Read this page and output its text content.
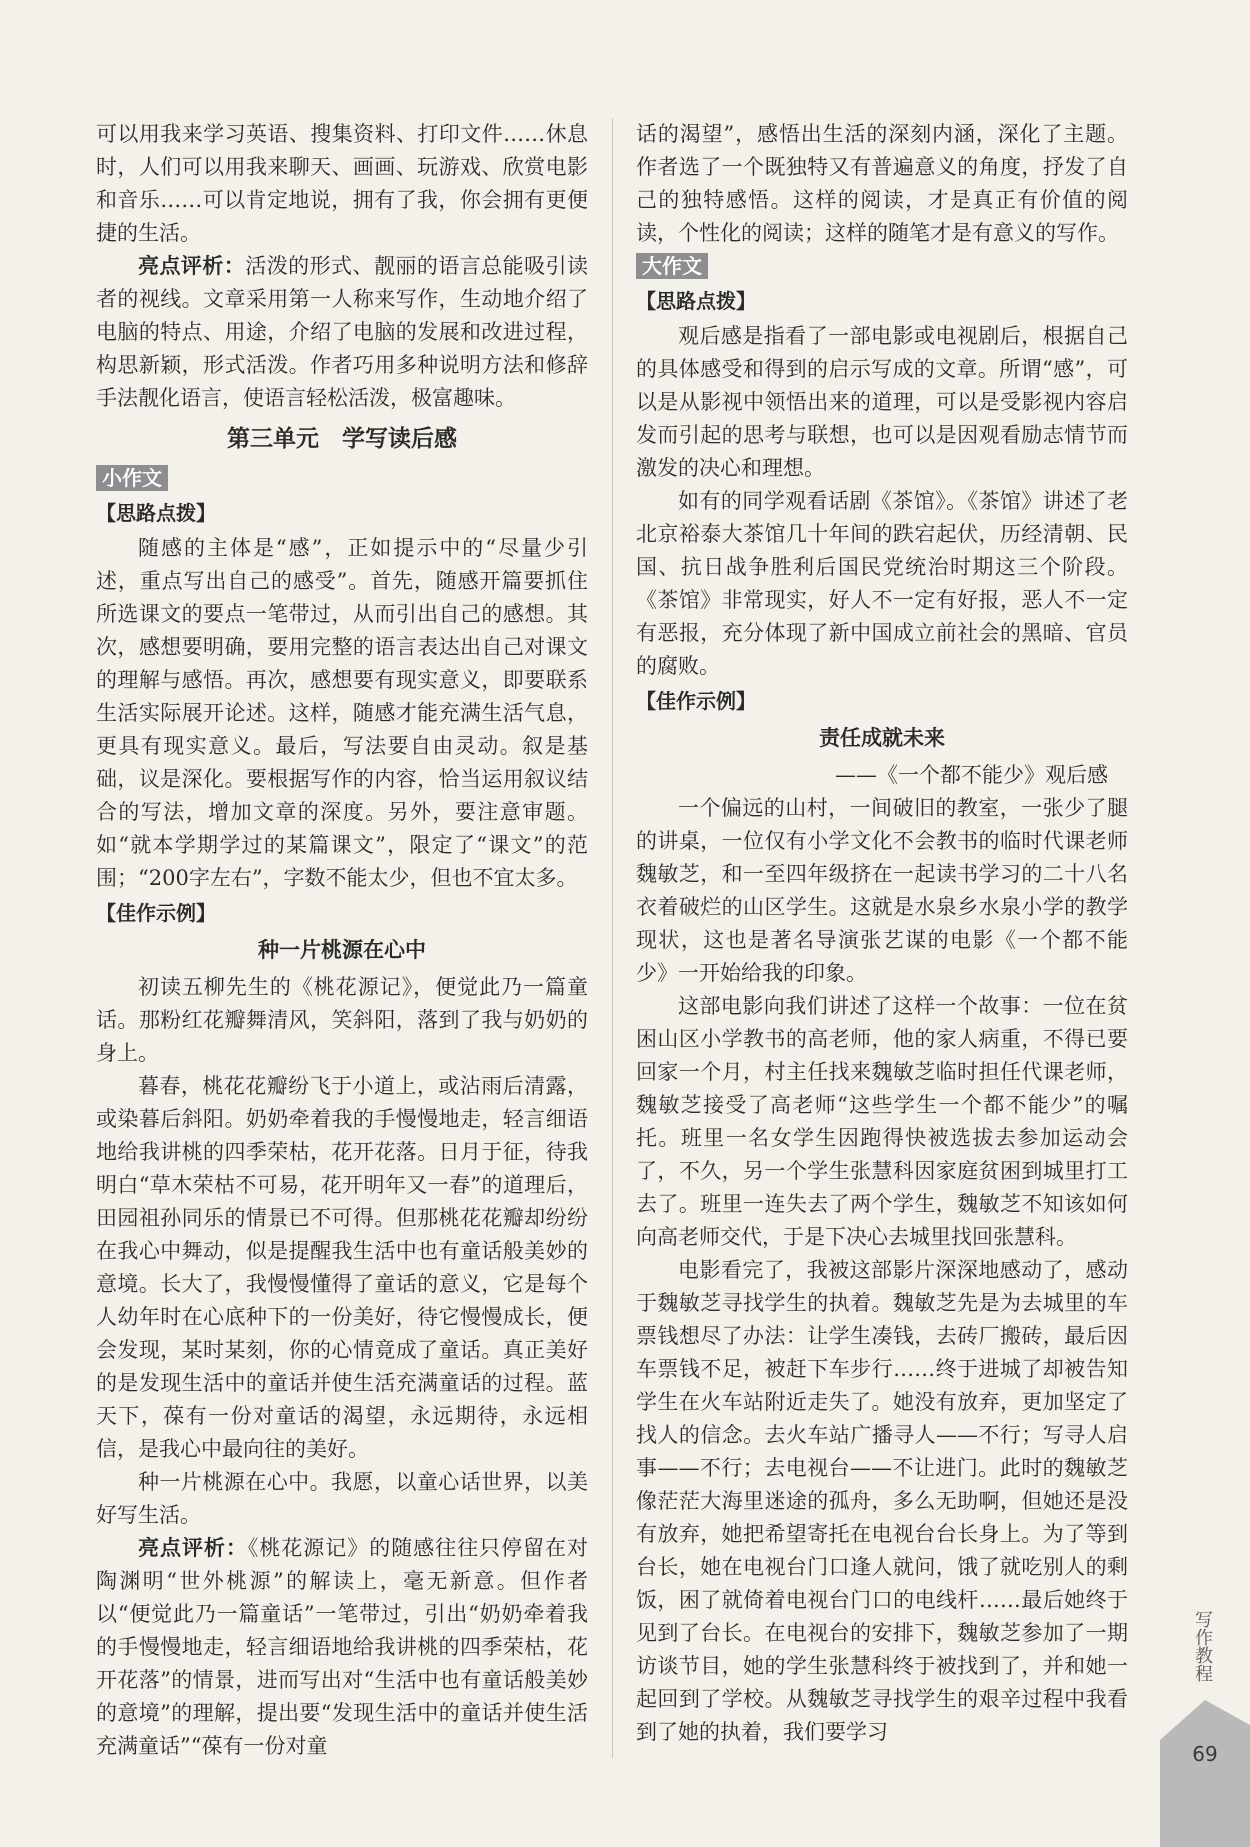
可以用我来学习英语、搜集资料、打印文件……休息时，人们可以用我来聊天、画画、玩游戏、欣赏电影和音乐……可以肯定地说，拥有了我，你会拥有更便捷的生活。

亮点评析：活泼的形式、靓丽的语言总能吸引读者的视线。文章采用第一人称来写作，生动地介绍了电脑的特点、用途，介绍了电脑的发展和改进过程，构思新颖，形式活泼。作者巧用多种说明方法和修辞手法靓化语言，使语言轻松活泼，极富趣味。

第三单元　学写读后感
小作文
【思路点拨】

随感的主体是“感”，正如提示中的“尽量少引述，重点写出自己的感受”。首先，随感开篇要抓住所选课文的要点一笔带过，从而引出自己的感想。其次，感想要明确，要用完整的语言表达出自己对课文的理解与感悟。再次，感想要有现实意义，即要联系生活实际展开论述。这样，随感才能充满生活气息，更具有现实意义。最后，写法要自由灵动。叙是基础，议是深化。要根据写作的内容，恰当运用叙议结合的写法，增加文章的深度。另外，要注意审题。如“就本学期学过的某篇课文”，限定了“课文”的范围；“200字左右”，字数不能太少，但也不宜太多。

【佳作示例】
种一片桃源在心中

初读五柳先生的《桃花源记》，便觉此乃一篇童话。那粉红花瓣舞清风，笑斜阳，落到了我与奶奶的身上。

暮春，桃花花瓣纷飞于小道上，或沾雨后清露，或染暮后斜阳。奶奶牵着我的手慢慢地走，轻言细语地给我讲桃的四季荣枯，花开花落。日月于征，待我明白“草木荣枯不可易，花开明年又一春”的道理后，田园祖孙同乐的情景已不可得。但那桃花花瓣却纷纷在我心中舞动，似是提醒我生活中也有童话般美妙的意境。长大了，我慢慢懂得了童话的意义，它是每个人幼年时在心底种下的一份美好，待它慢慢成长，便会发现，某时某刻，你的心情竟成了童话。真正美好的是发现生活中的童话并使生活充满童话的过程。蓝天下，葆有一份对童话的渴望，永远期待，永远相信，是我心中最向往的美好。

种一片桃源在心中。我愿，以童心话世界，以美好写生活。

亮点评析：《桃花源记》的随感往往只停留在对陶渊明“世外桃源”的解读上，毫无新意。但作者以“便觉此乃一篇童话”一笔带过，引出“奶奶牵着我的手慢慢地走，轻言细语地给我讲桃的四季荣枯，花开花落”的情景，进而写出对“生活中也有童话般美妙的意境”的理解，提出要“发现生活中的童话并使生活充满童话”“葆有一份对童

话的渴望”，感悟出生活的深刻内涵，深化了主题。作者选了一个既独特又有普遍意义的角度，抒发了自己的独特感悟。这样的阅读，才是真正有价值的阅读，个性化的阅读；这样的随笔才是有意义的写作。

大作文
【思路点拨】

观后感是指看了一部电影或电视剧后，根据自己的具体感受和得到的启示写成的文章。所谓“感”，可以是从影视中领悟出来的道理，可以是受影视内容启发而引起的思考与联想，也可以是因观看励志情节而激发的决心和理想。

如有的同学观看话剧《茶馆》。《茶馆》讲述了老北京裕泰大茶馆几十年间的跌宕起伏，历经清朝、民国、抗日战争胜利后国民党统治时期这三个阶段。《茶馆》非常现实，好人不一定有好报，恶人不一定有恶报，充分体现了新中国成立前社会的黑暗、官员的腐败。

【佳作示例】
责任成就未来
——《一个都不能少》观后感

一个偏远的山村，一间破旧的教室，一张少了腿的讲桌，一位仅有小学文化不会教书的临时代课老师魏敏芝，和一至四年级挤在一起读书学习的二十八名衣着破烂的山区学生。这就是水泉乡水泉小学的教学现状，这也是著名导演张艺谋的电影《一个都不能少》一开始给我的印象。

这部电影向我们讲述了这样一个故事：一位在贫困山区小学教书的高老师，他的家人病重，不得已要回家一个月，村主任找来魏敏芝临时担任代课老师，魏敏芝接受了高老师“这些学生一个都不能少”的嘱托。班里一名女学生因跑得快被选拔去参加运动会了，不久，另一个学生张慧科因家庭贫困到城里打工去了。班里一连失去了两个学生，魏敏芝不知该如何向高老师交代，于是下决心去城里找回张慧科。

电影看完了，我被这部影片深深地感动了，感动于魏敏芝寻找学生的执着。魏敏芝先是为去城里的车票钱想尽了办法：让学生凑钱，去砖厂搬砖，最后因车票钱不足，被赶下车步行……终于进城了却被告知学生在火车站附近走失了。她没有放弃，更加坚定了找人的信念。去火车站广播寻人——不行；写寻人启事——不行；去电视台——不让进门。此时的魏敏芝像茫茫大海里迷途的孤舟，多么无助啊，但她还是没有放弃，她把希望寄托在电视台台长身上。为了等到台长，她在电视台门口逢人就问，饿了就吃别人的剩饭，困了就倚着电视台门口的电线杆……最后她终于见到了台长。在电视台的安排下，魏敏芝参加了一期访谈节目，她的学生张慧科终于被找到了，并和她一起回到了学校。从魏敏芝寻找学生的艰辛过程中我看到了她的执着，我们要学习

写作教程
69
